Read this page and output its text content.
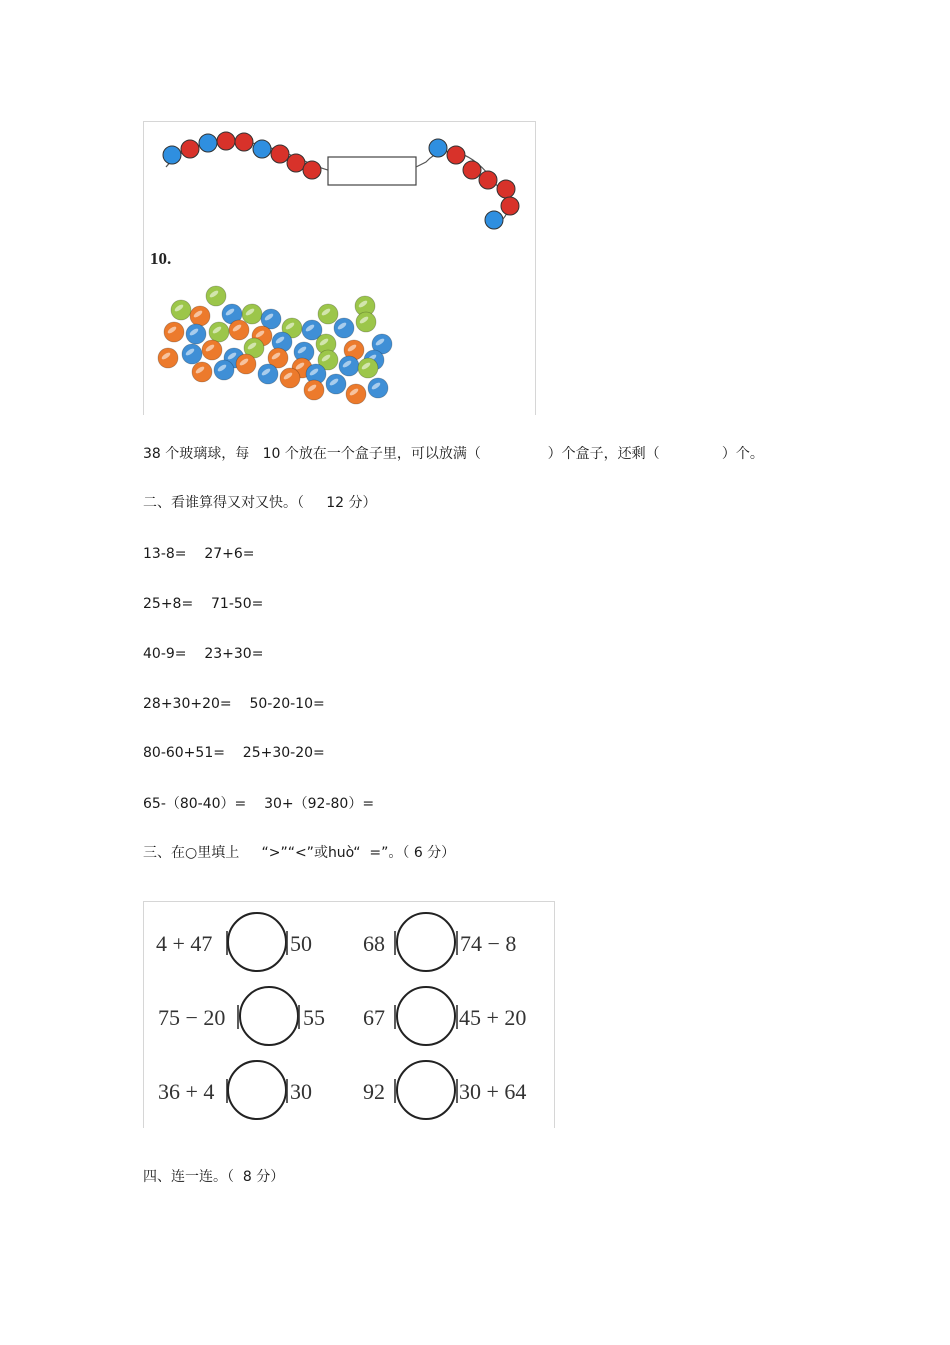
10.
38 个玻璃球，每   10 个放在一个盒子里，可以放满（               ）个盒子，还剩（              ）个。
二、看谁算得又对又快。（     12 分）
13-8= 27+6=
25+8= 71-50=
40-9= 23+30=
28+30+20= 50-20-10=
80-60+51= 25+30-20=
65-（80-40）= 30+（92-80）=
三、在○里填上     “>”“<”或huò“  =”。（ 6 分）
4 + 47	50 68	74 − 8
75 − 20	55 67	45 + 20
36 + 4	30 92	30 + 64
四、连一连。（  8 分）
